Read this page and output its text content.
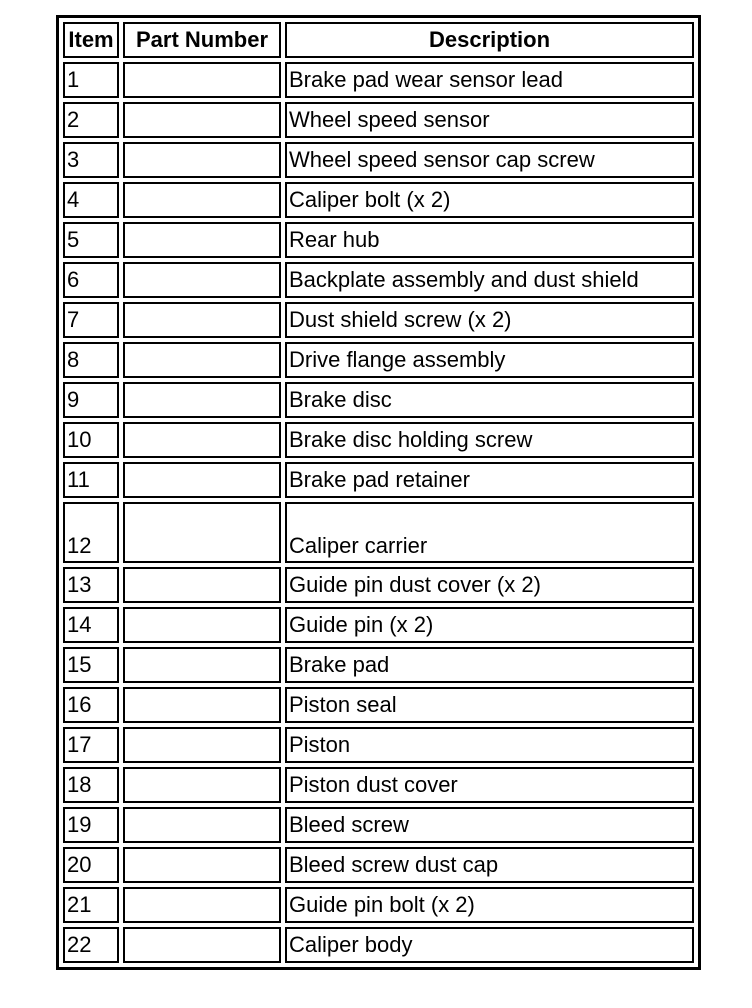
Item	Part Number	Description
1		Brake pad wear sensor lead
2		Wheel speed sensor
3		Wheel speed sensor cap screw
4		Caliper bolt (x 2)
5		Rear hub
6		Backplate assembly and dust shield
7		Dust shield screw (x 2)
8		Drive flange assembly
9		Brake disc
10		Brake disc holding screw
11		Brake pad retainer
12		Caliper carrier
13		Guide pin dust cover (x 2)
14		Guide pin (x 2)
15		Brake pad
16		Piston seal
17		Piston
18		Piston dust cover
19		Bleed screw
20		Bleed screw dust cap
21		Guide pin bolt (x 2)
22		Caliper body
